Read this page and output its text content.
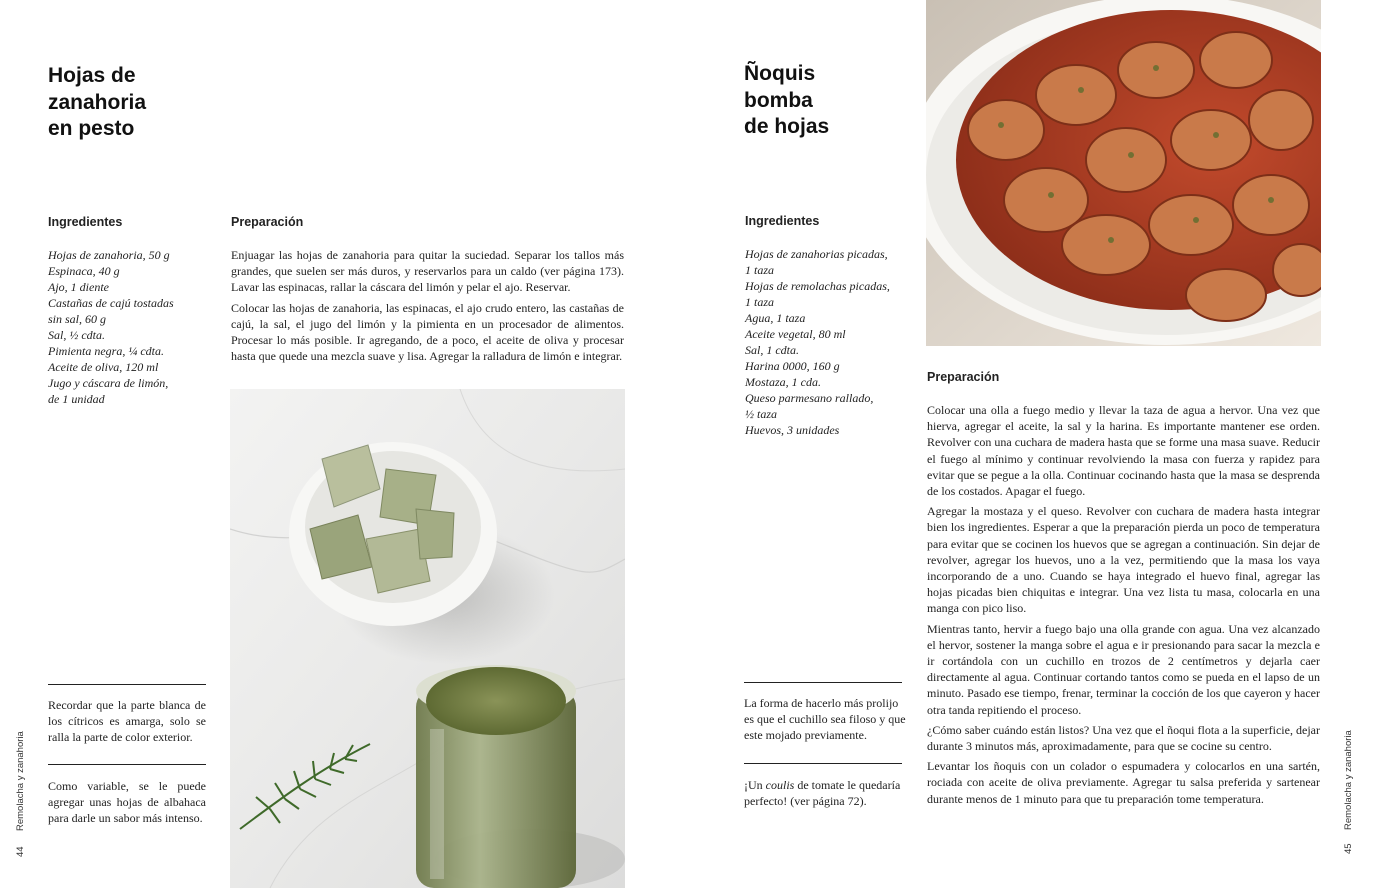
Hojas de
zanahoria
en pesto
Ingredientes	Preparación
Hojas de zanahoria, 50 g
Espinaca, 40 g
Ajo, 1 diente
Castañas de cajú tostadas
sin sal, 60 g
Sal, ½ cdta.
Pimienta negra, ¼ cdta.
Aceite de oliva, 120 ml
Jugo y cáscara de limón,
de 1 unidad

Enjuagar las hojas de zanahoria para quitar la suciedad. Separar los tallos más grandes, que suelen ser más duros, y reservarlos para un caldo (ver página 173). Lavar las espinacas, rallar la cáscara del limón y pelar el ajo. Reservar.

Colocar las hojas de zanahoria, las espinacas, el ajo crudo entero, las castañas de cajú, la sal, el jugo del limón y la pimienta en un procesador de alimentos. Procesar lo más posible. Ir agregando, de a poco, el aceite de oliva y procesar hasta que quede una mezcla suave y lisa. Agregar la ralladura de limón e integrar.

Recordar que la parte blanca de los cítricos es amarga, solo se ralla la parte de color exterior.

Como variable, se le puede agregar unas hojas de albahaca para darle un sabor más intenso.

44
Remolacha y zanahoria
Ñoquis
bomba
de hojas
Ingredientes
Hojas de zanahorias picadas,
1 taza
Hojas de remolachas picadas,
1 taza
Agua, 1 taza
Aceite vegetal, 80 ml
Sal, 1 cdta.
Harina 0000, 160 g
Mostaza, 1 cda.
Queso parmesano rallado,
½ taza
Huevos, 3 unidades
Preparación

Colocar una olla a fuego medio y llevar la taza de agua a hervor. Una vez que hierva, agregar el aceite, la sal y la harina. Es importante mantener ese orden. Revolver con una cuchara de madera hasta que se forme una masa suave. Reducir el fuego al mínimo y continuar revolviendo la masa con fuerza y rapidez para evitar que se pegue a la olla. Continuar cocinando hasta que la masa se desprenda de los costados. Apagar el fuego.

Agregar la mostaza y el queso. Revolver con cuchara de madera hasta integrar bien los ingredientes. Esperar a que la preparación pierda un poco de temperatura para evitar que se cocinen los huevos que se agregan a continuación. Sin dejar de revolver, agregar los huevos, uno a la vez, permitiendo que la masa los vaya incorporando de a uno. Cuando se haya integrado el huevo final, agregar las hojas picadas bien chiquitas e integrar. Una vez lista tu masa, colocarla en una manga con pico liso.

Mientras tanto, hervir a fuego bajo una olla grande con agua. Una vez alcanzado el hervor, sostener la manga sobre el agua e ir presionando para sacar la mezcla e ir cortándola con un cuchillo en trozos de 2 centímetros y dejarla caer directamente al agua. Continuar cortando tantos como se pueda en el lapso de un minuto. Pasado ese tiempo, frenar, terminar la cocción de los que cayeron y hacer otra tanda repitiendo el proceso.

¿Cómo saber cuándo están listos? Una vez que el ñoqui flota a la superficie, dejar durante 3 minutos más, aproximadamente, para que se cocine su centro.

Levantar los ñoquis con un colador o espumadera y colocarlos en una sartén, rociada con aceite de oliva previamente. Agregar tu salsa preferida y sartenear durante menos de 1 minuto para que tu preparación tome temperatura.

La forma de hacerlo más prolijo es que el cuchillo sea filoso y que este mojado previamente.

¡Un coulis de tomate le quedaría perfecto! (ver página 72).

45
Remolacha y zanahoria
